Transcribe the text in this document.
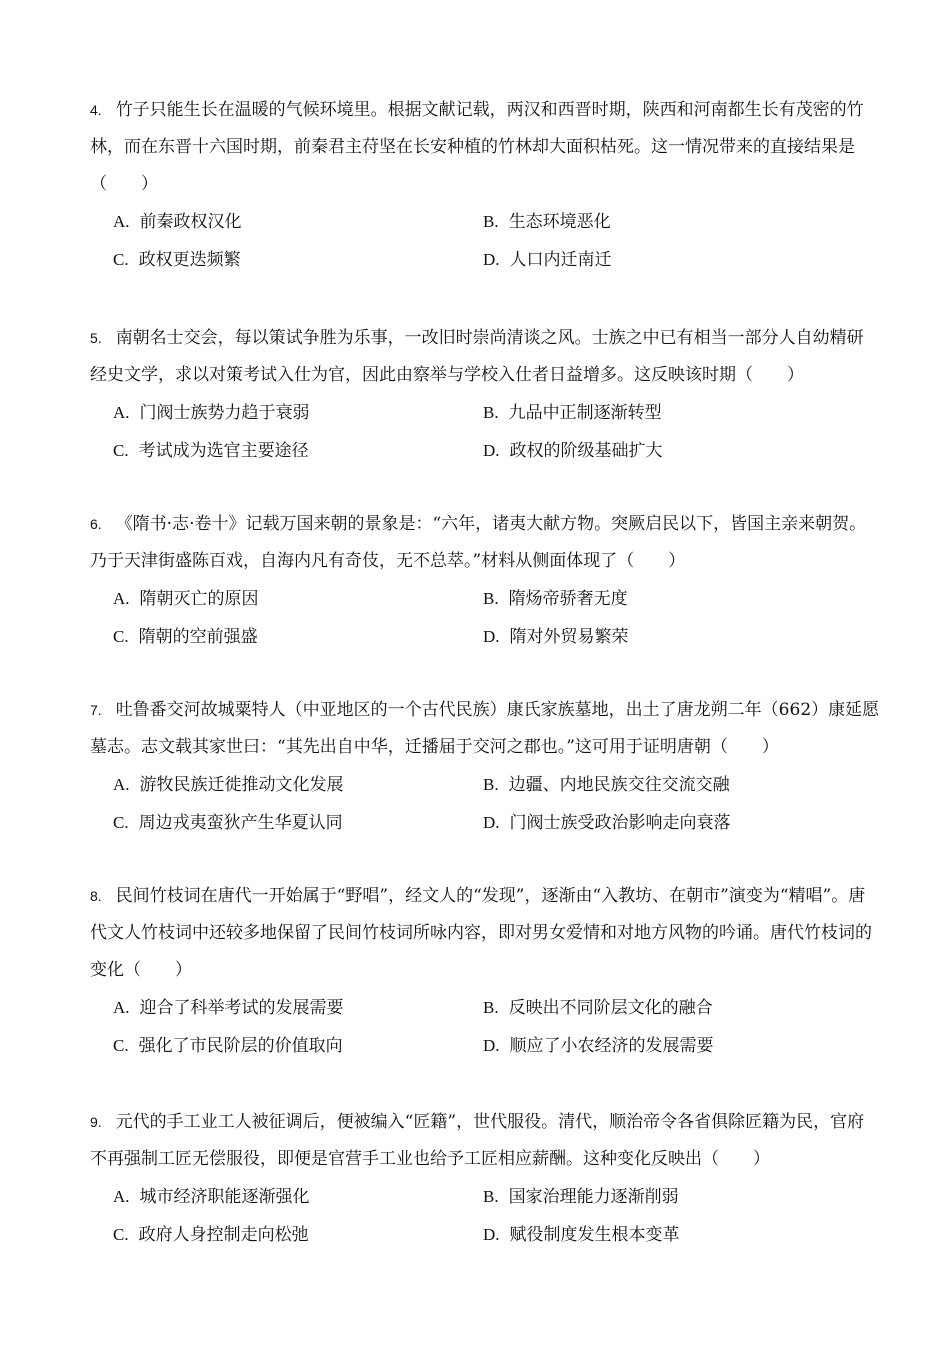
4. 竹子只能生长在温暖的气候环境里。根据文献记载，两汉和西晋时期，陕西和河南都生长有茂密的竹林，而在东晋十六国时期，前秦君主苻坚在长安种植的竹林却大面积枯死。这一情况带来的直接结果是（　　）

A. 前秦政权汉化	B. 生态环境恶化
C. 政权更迭频繁	D. 人口内迁南迁

5. 南朝名士交会，每以策试争胜为乐事，一改旧时崇尚清谈之风。士族之中已有相当一部分人自幼精研经史文学，求以对策考试入仕为官，因此由察举与学校入仕者日益增多。这反映该时期（　　）

A. 门阀士族势力趋于衰弱	B. 九品中正制逐渐转型
C. 考试成为选官主要途径	D. 政权的阶级基础扩大

6. 《隋书·志·卷十》记载万国来朝的景象是：“六年，诸夷大献方物。突厥启民以下，皆国主亲来朝贺。乃于天津街盛陈百戏，自海内凡有奇伎，无不总萃。”材料从侧面体现了（　　）

A. 隋朝灭亡的原因	B. 隋炀帝骄奢无度
C. 隋朝的空前强盛	D. 隋对外贸易繁荣

7. 吐鲁番交河故城粟特人（中亚地区的一个古代民族）康氏家族墓地，出土了唐龙朔二年（662）康延愿墓志。志文载其家世曰：“其先出自中华，迁播届于交河之郡也。”这可用于证明唐朝（　　）

A. 游牧民族迁徙推动文化发展	B. 边疆、内地民族交往交流交融
C. 周边戎夷蛮狄产生华夏认同	D. 门阀士族受政治影响走向衰落

8. 民间竹枝词在唐代一开始属于“野唱”，经文人的“发现”，逐渐由“入教坊、在朝市”演变为“精唱”。唐代文人竹枝词中还较多地保留了民间竹枝词所咏内容，即对男女爱情和对地方风物的吟诵。唐代竹枝词的变化（　　）

A. 迎合了科举考试的发展需要	B. 反映出不同阶层文化的融合
C. 强化了市民阶层的价值取向	D. 顺应了小农经济的发展需要

9. 元代的手工业工人被征调后，便被编入“匠籍”，世代服役。清代，顺治帝令各省俱除匠籍为民，官府不再强制工匠无偿服役，即便是官营手工业也给予工匠相应薪酬。这种变化反映出（　　）

A. 城市经济职能逐渐强化	B. 国家治理能力逐渐削弱
C. 政府人身控制走向松弛	D. 赋役制度发生根本变革
